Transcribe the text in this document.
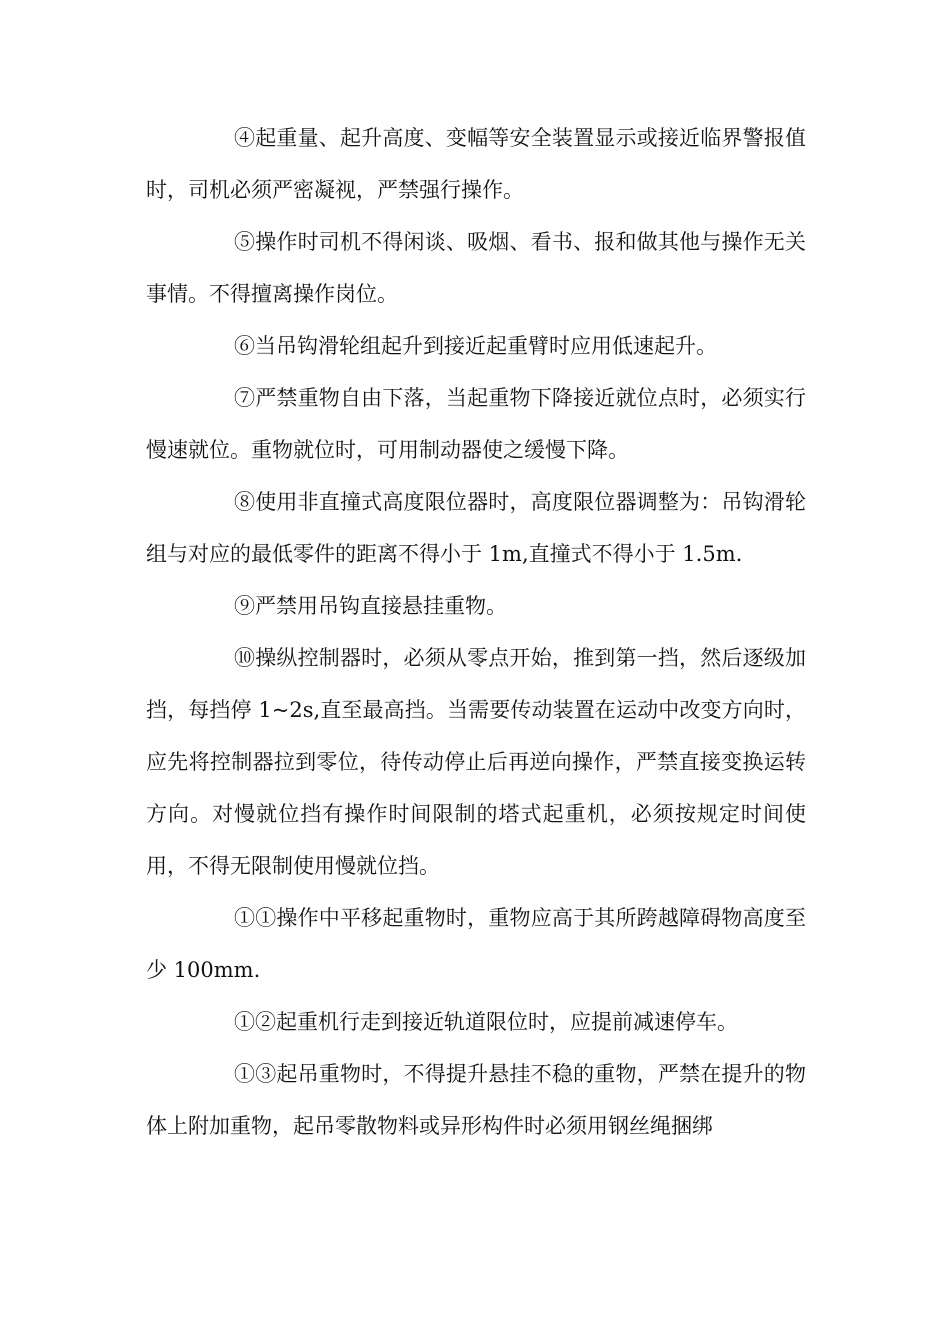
④起重量、起升高度、变幅等安全装置显示或接近临界警报值时，司机必须严密凝视，严禁强行操作。

⑤操作时司机不得闲谈、吸烟、看书、报和做其他与操作无关事情。不得擅离操作岗位。

⑥当吊钩滑轮组起升到接近起重臂时应用低速起升。

⑦严禁重物自由下落，当起重物下降接近就位点时，必须实行慢速就位。重物就位时，可用制动器使之缓慢下降。

⑧使用非直撞式高度限位器时，高度限位器调整为：吊钩滑轮组与对应的最低零件的距离不得小于 1m,直撞式不得小于 1.5m.

⑨严禁用吊钩直接悬挂重物。

⑩操纵控制器时，必须从零点开始，推到第一挡，然后逐级加挡，每挡停 1~2s,直至最高挡。当需要传动装置在运动中改变方向时，应先将控制器拉到零位，待传动停止后再逆向操作，严禁直接变换运转方向。对慢就位挡有操作时间限制的塔式起重机，必须按规定时间使用，不得无限制使用慢就位挡。

①①操作中平移起重物时，重物应高于其所跨越障碍物高度至少 100mm.

①②起重机行走到接近轨道限位时，应提前减速停车。

①③起吊重物时，不得提升悬挂不稳的重物，严禁在提升的物体上附加重物，起吊零散物料或异形构件时必须用钢丝绳捆绑
